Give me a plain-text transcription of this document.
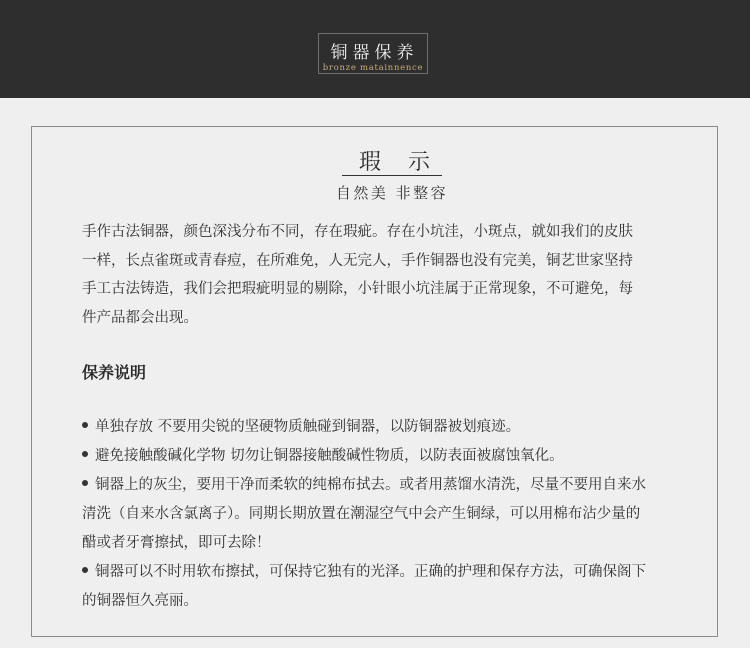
铜器保养
bronze matainnence
瑕 示
自然美 非整容

手作古法铜器，颜色深浅分布不同，存在瑕疵。存在小坑洼，小斑点，就如我们的皮肤一样，长点雀斑或青春痘，在所难免，人无完人，手作铜器也没有完美，铜艺世家坚持手工古法铸造，我们会把瑕疵明显的剔除，小针眼小坑洼属于正常现象，不可避免，每件产品都会出现。

保养说明
单独存放 不要用尖锐的坚硬物质触碰到铜器，以防铜器被划痕迹。
避免接触酸碱化学物 切勿让铜器接触酸碱性物质，以防表面被腐蚀氧化。
铜器上的灰尘，要用干净而柔软的纯棉布拭去。或者用蒸馏水清洗，尽量不要用自来水清洗（自来水含氯离子）。同期长期放置在潮湿空气中会产生铜绿，可以用棉布沾少量的醋或者牙膏擦拭，即可去除！
铜器可以不时用软布擦拭，可保持它独有的光泽。正确的护理和保存方法，可确保阁下的铜器恒久亮丽。
